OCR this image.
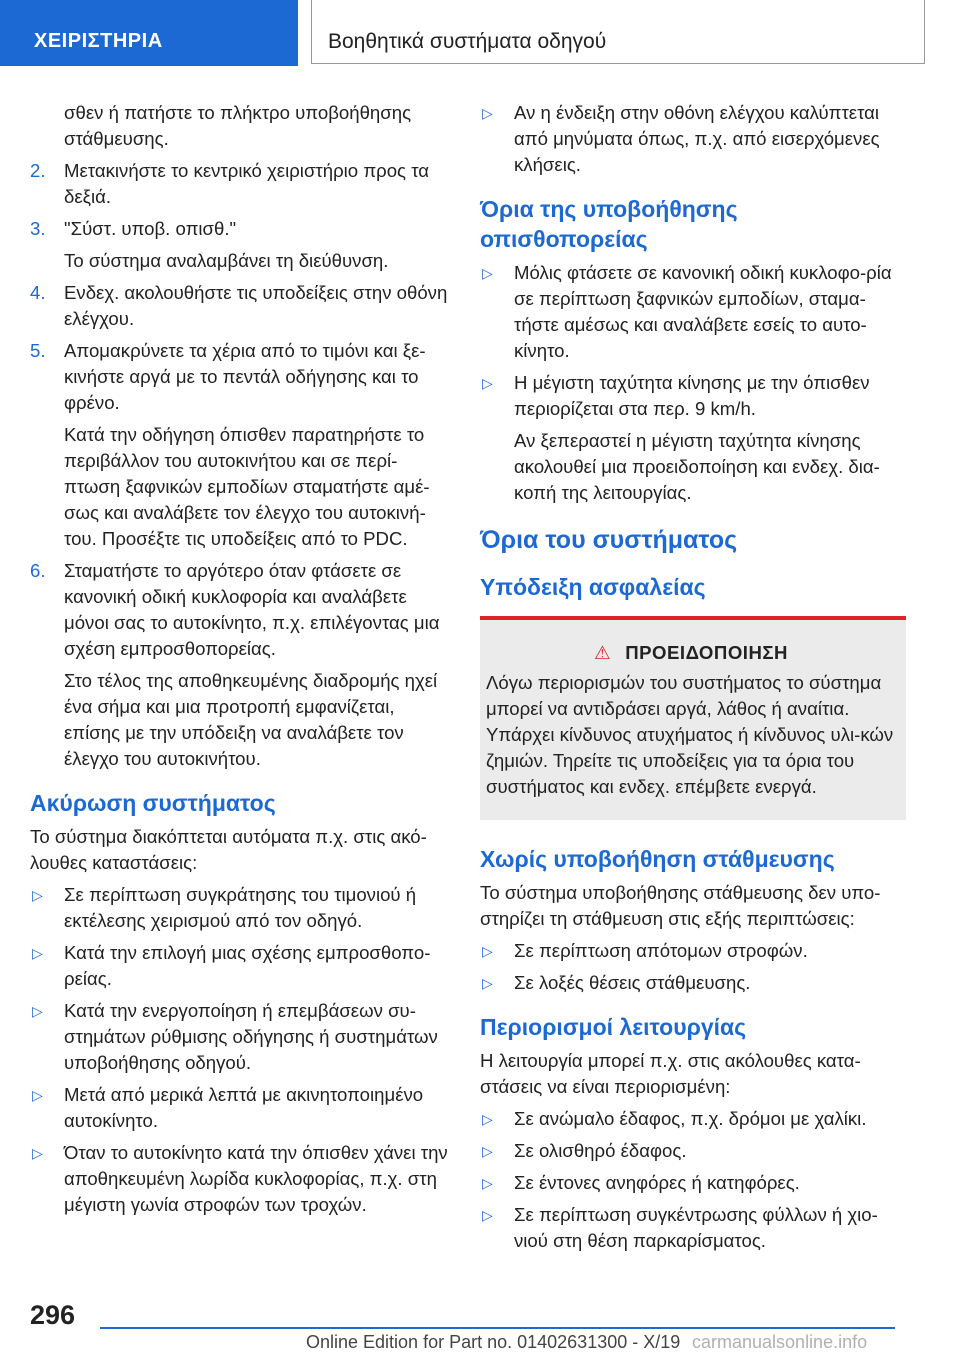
ΧΕΙΡΙΣΤΗΡΙΑ	Βοηθητικά συστήματα οδηγού
σθεν ή πατήστε το πλήκτρο υποβοήθησης στάθμευσης.
2. Μετακινήστε το κεντρικό χειριστήριο προς τα δεξιά.
3. "Σύστ. υποβ. οπισθ."
Το σύστημα αναλαμβάνει τη διεύθυνση.
4. Ενδεχ. ακολουθήστε τις υποδείξεις στην οθόνη ελέγχου.
5. Απομακρύνετε τα χέρια από το τιμόνι και ξε‐κινήστε αργά με το πεντάλ οδήγησης και το φρένο.
Κατά την οδήγηση όπισθεν παρατηρήστε το περιβάλλον του αυτοκινήτου και σε περί‐πτωση ξαφνικών εμποδίων σταματήστε αμέ‐σως και αναλάβετε τον έλεγχο του αυτοκινή‐του. Προσέξτε τις υποδείξεις από το PDC.
6. Σταματήστε το αργότερο όταν φτάσετε σε κανονική οδική κυκλοφορία και αναλάβετε μόνοι σας το αυτοκίνητο, π.χ. επιλέγοντας μια σχέση εμπροσθοπορείας.
Στο τέλος της αποθηκευμένης διαδρομής ηχεί ένα σήμα και μια προτροπή εμφανίζεται, επίσης με την υπόδειξη να αναλάβετε τον έλεγχο του αυτοκινήτου.
Ακύρωση συστήματος
Το σύστημα διακόπτεται αυτόματα π.χ. στις ακό‐λουθες καταστάσεις:
▷ Σε περίπτωση συγκράτησης του τιμονιού ή εκτέλεσης χειρισμού από τον οδηγό.
▷ Κατά την επιλογή μιας σχέσης εμπροσθοπο‐ρείας.
▷ Κατά την ενεργοποίηση ή επεμβάσεων συ‐στημάτων ρύθμισης οδήγησης ή συστημάτων υποβοήθησης οδηγού.
▷ Μετά από μερικά λεπτά με ακινητοποιημένο αυτοκίνητο.
▷ Όταν το αυτοκίνητο κατά την όπισθεν χάνει την αποθηκευμένη λωρίδα κυκλοφορίας, π.χ. στη μέγιστη γωνία στροφών των τροχών.
▷ Αν η ένδειξη στην οθόνη ελέγχου καλύπτεται από μηνύματα όπως, π.χ. από εισερχόμενες κλήσεις.
Όρια της υποβοήθησης οπισθοπορείας
▷ Μόλις φτάσετε σε κανονική οδική κυκλοφο‐ρία σε περίπτωση ξαφνικών εμποδίων, σταμα‐τήστε αμέσως και αναλάβετε εσείς το αυτο‐κίνητο.
▷ Η μέγιστη ταχύτητα κίνησης με την όπισθεν περιορίζεται στα περ. 9 km/h.
Αν ξεπεραστεί η μέγιστη ταχύτητα κίνησης ακολουθεί μια προειδοποίηση και ενδεχ. δια‐κοπή της λειτουργίας.
Όρια του συστήματος
Υπόδειξη ασφαλείας
⚠ ΠΡΟΕΙΔΟΠΟΙΗΣΗ
Λόγω περιορισμών του συστήματος το σύστημα μπορεί να αντιδράσει αργά, λάθος ή αναίτια. Υπάρχει κίνδυνος ατυχήματος ή κίνδυνος υλι‐κών ζημιών. Τηρείτε τις υποδείξεις για τα όρια του συστήματος και ενδεχ. επέμβετε ενεργά.
Χωρίς υποβοήθηση στάθμευσης
Το σύστημα υποβοήθησης στάθμευσης δεν υπο‐στηρίζει τη στάθμευση στις εξής περιπτώσεις:
▷ Σε περίπτωση απότομων στροφών.
▷ Σε λοξές θέσεις στάθμευσης.
Περιορισμοί λειτουργίας
Η λειτουργία μπορεί π.χ. στις ακόλουθες κατα‐στάσεις να είναι περιορισμένη:
▷ Σε ανώμαλο έδαφος, π.χ. δρόμοι με χαλίκι.
▷ Σε ολισθηρό έδαφος.
▷ Σε έντονες ανηφόρες ή κατηφόρες.
▷ Σε περίπτωση συγκέντρωσης φύλλων ή χιο‐νιού στη θέση παρκαρίσματος.
296
Online Edition for Part no. 01402631300 - X/19 carmanualsonline.info
